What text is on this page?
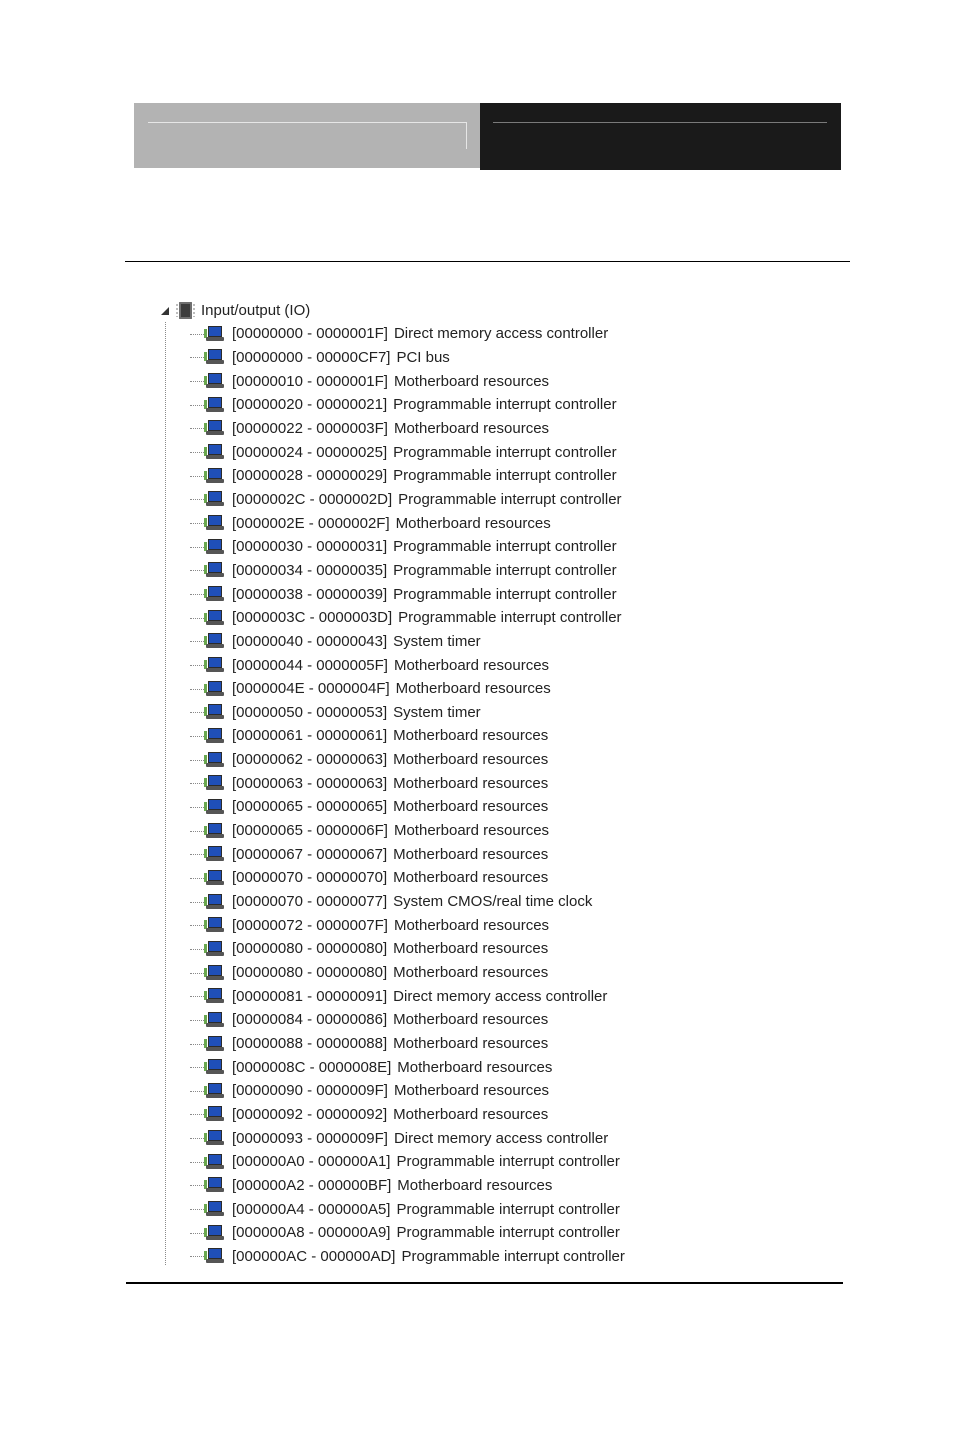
Input/output (IO)
[00000000 - 0000001F] Direct memory access controller
[00000000 - 00000CF7] PCI bus
[00000010 - 0000001F] Motherboard resources
[00000020 - 00000021] Programmable interrupt controller
[00000022 - 0000003F] Motherboard resources
[00000024 - 00000025] Programmable interrupt controller
[00000028 - 00000029] Programmable interrupt controller
[0000002C - 0000002D] Programmable interrupt controller
[0000002E - 0000002F] Motherboard resources
[00000030 - 00000031] Programmable interrupt controller
[00000034 - 00000035] Programmable interrupt controller
[00000038 - 00000039] Programmable interrupt controller
[0000003C - 0000003D] Programmable interrupt controller
[00000040 - 00000043] System timer
[00000044 - 0000005F] Motherboard resources
[0000004E - 0000004F] Motherboard resources
[00000050 - 00000053] System timer
[00000061 - 00000061] Motherboard resources
[00000062 - 00000063] Motherboard resources
[00000063 - 00000063] Motherboard resources
[00000065 - 00000065] Motherboard resources
[00000065 - 0000006F] Motherboard resources
[00000067 - 00000067] Motherboard resources
[00000070 - 00000070] Motherboard resources
[00000070 - 00000077] System CMOS/real time clock
[00000072 - 0000007F] Motherboard resources
[00000080 - 00000080] Motherboard resources
[00000080 - 00000080] Motherboard resources
[00000081 - 00000091] Direct memory access controller
[00000084 - 00000086] Motherboard resources
[00000088 - 00000088] Motherboard resources
[0000008C - 0000008E] Motherboard resources
[00000090 - 0000009F] Motherboard resources
[00000092 - 00000092] Motherboard resources
[00000093 - 0000009F] Direct memory access controller
[000000A0 - 000000A1] Programmable interrupt controller
[000000A2 - 000000BF] Motherboard resources
[000000A4 - 000000A5] Programmable interrupt controller
[000000A8 - 000000A9] Programmable interrupt controller
[000000AC - 000000AD] Programmable interrupt controller
